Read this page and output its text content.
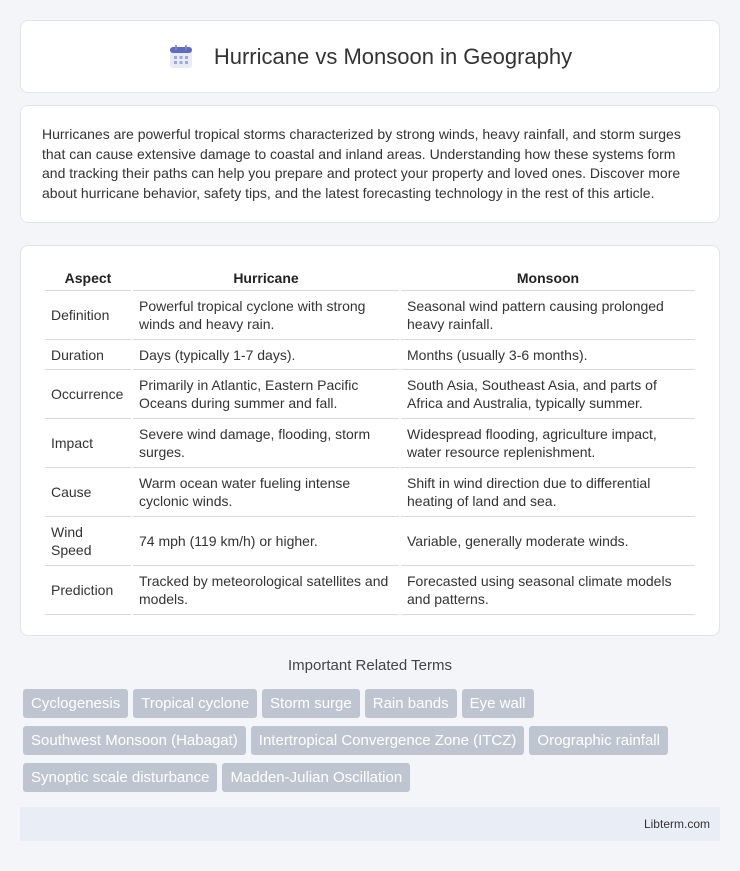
Hurricane vs Monsoon in Geography

Hurricanes are powerful tropical storms characterized by strong winds, heavy rainfall, and storm surges that can cause extensive damage to coastal and inland areas. Understanding how these systems form and tracking their paths can help you prepare and protect your property and loved ones. Discover more about hurricane behavior, safety tips, and the latest forecasting technology in the rest of this article.

Aspect	Hurricane	Monsoon
Definition	Powerful tropical cyclone with strong winds and heavy rain.	Seasonal wind pattern causing prolonged heavy rainfall.
Duration	Days (typically 1-7 days).	Months (usually 3-6 months).
Occurrence	Primarily in Atlantic, Eastern Pacific Oceans during summer and fall.	South Asia, Southeast Asia, and parts of Africa and Australia, typically summer.
Impact	Severe wind damage, flooding, storm surges.	Widespread flooding, agriculture impact, water resource replenishment.
Cause	Warm ocean water fueling intense cyclonic winds.	Shift in wind direction due to differential heating of land and sea.
Wind Speed	74 mph (119 km/h) or higher.	Variable, generally moderate winds.
Prediction	Tracked by meteorological satellites and models.	Forecasted using seasonal climate models and patterns.
Important Related Terms
Cyclogenesis Tropical cyclone Storm surge Rain bands Eye wall
Southwest Monsoon (Habagat) Intertropical Convergence Zone (ITCZ) Orographic rainfall
Synoptic scale disturbance Madden-Julian Oscillation
Libterm.com
